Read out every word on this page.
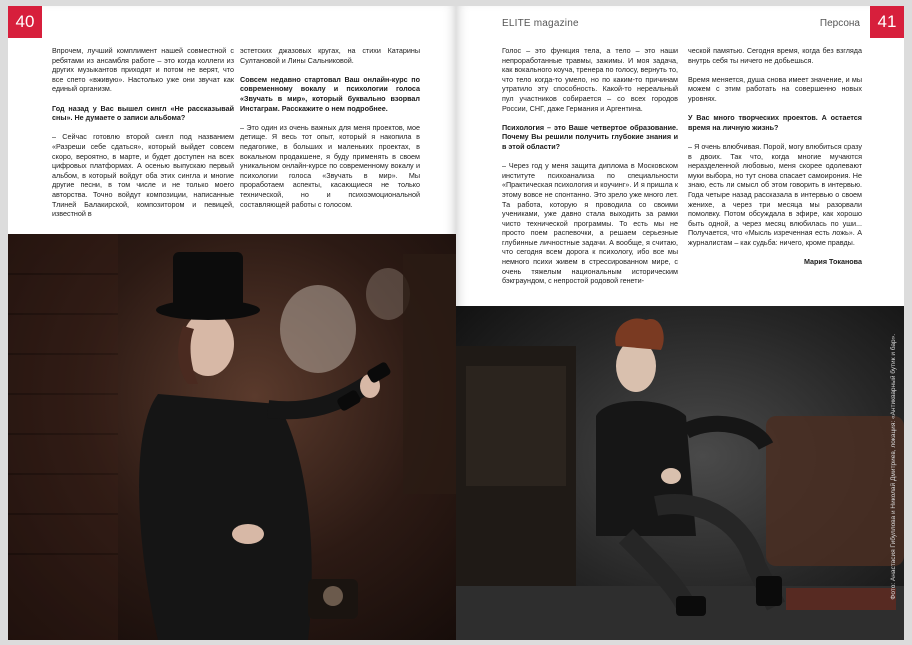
40

Впрочем, лучший комплимент нашей совместной с ребятами из ансамбля работе – это когда коллеги из других музыкантов приходят и потом не верят, что все спето «вживую». Настолько уже они звучат как единый организм.

Год назад у Вас вышел сингл «Не рассказывай сны». Не думаете о записи альбома?

– Сейчас готовлю второй сингл под названием «Разреши себе сдаться», который выйдет совсем скоро, вероятно, в марте, и будет доступен на всех цифровых платформах. А осенью выпускаю первый альбом, в который войдут оба этих сингла и многие другие песни, в том числе и не только моего авторства. Точно войдут композиции, написанные Тлиней Балакирской, композитором и певицей, известной в

эстетских джазовых кругах, на стихи Катарины Султановой и Лины Сальниковой.

Совсем недавно стартовал Ваш онлайн-курс по современному вокалу и психологии голоса «Звучать в мир», который буквально взорвал Инстаграм. Расскажите о нем подробнее.

– Это один из очень важных для меня проектов, мое детище. Я весь тот опыт, который я накопила в педагогике, в больших и маленьких проектах, в вокальном продакшене, я буду применять в своем уникальном онлайн-курсе по современному вокалу и психологии голоса «Звучать в мир». Мы проработаем аспекты, касающиеся не только технической, но и психоэмоциональной составляющей работы с голосом.

ELITE magazine	Персона	41

Голос – это функция тела, а тело – это наши непроработанные травмы, зажимы. И моя задача, как вокального коуча, тренера по голосу, вернуть то, что тело когда-то умело, но по каким-то причинам утратило эту способность. Какой-то нереальный пул участников собирается – со всех городов России, СНГ, даже Германия и Аргентина.

Психология – это Ваше четвертое образование. Почему Вы решили получить глубокие знания и в этой области?

– Через год у меня защита диплома в Московском институте психоанализа по специальности «Практическая психология и коучинг». И я пришла к этому вовсе не спонтанно. Это зрело уже много лет. Та работа, которую я проводила со своими учениками, уже давно стала выходить за рамки чисто технической программы. То есть мы не просто поем распевочки, а решаем серьезные глубинные личностные задачи. А вообще, я считаю, что сегодня всем дорога к психологу, ибо все мы немного психи живем в стрессированном мире, с очень тяжелым национальным историческим бэкграундом, с непростой родовой генети-

ческой памятью. Сегодня время, когда без взгляда внутрь себя ты ничего не добьешься.

Время меняется, душа снова имеет значение, и мы можем с этим работать на совершенно новых уровнях.

У Вас много творческих проектов. А остается время на личную жизнь?

– Я очень влюбчивая. Порой, могу влюбиться сразу в двоих. Так что, когда многие мучаются неразделенной любовью, меня скорее одолевают муки выбора, но тут снова спасает самоирония. Не знаю, есть ли смысл об этом говорить в интервью. Года четыре назад рассказала в интервью о своем женихе, а через три месяца мы разорвали помолвку. Потом обсуждала в эфире, как хорошо быть одной, а через месяц влюбилась по уши... Получается, что «Мысль изреченная есть ложь». А журналистам – как судьба: ничего, кроме правды.

Мария Токанова

Фото: Анастасия Гибуллова и Николай Дмитриев, локация: «Антикварный бутик и бар».
